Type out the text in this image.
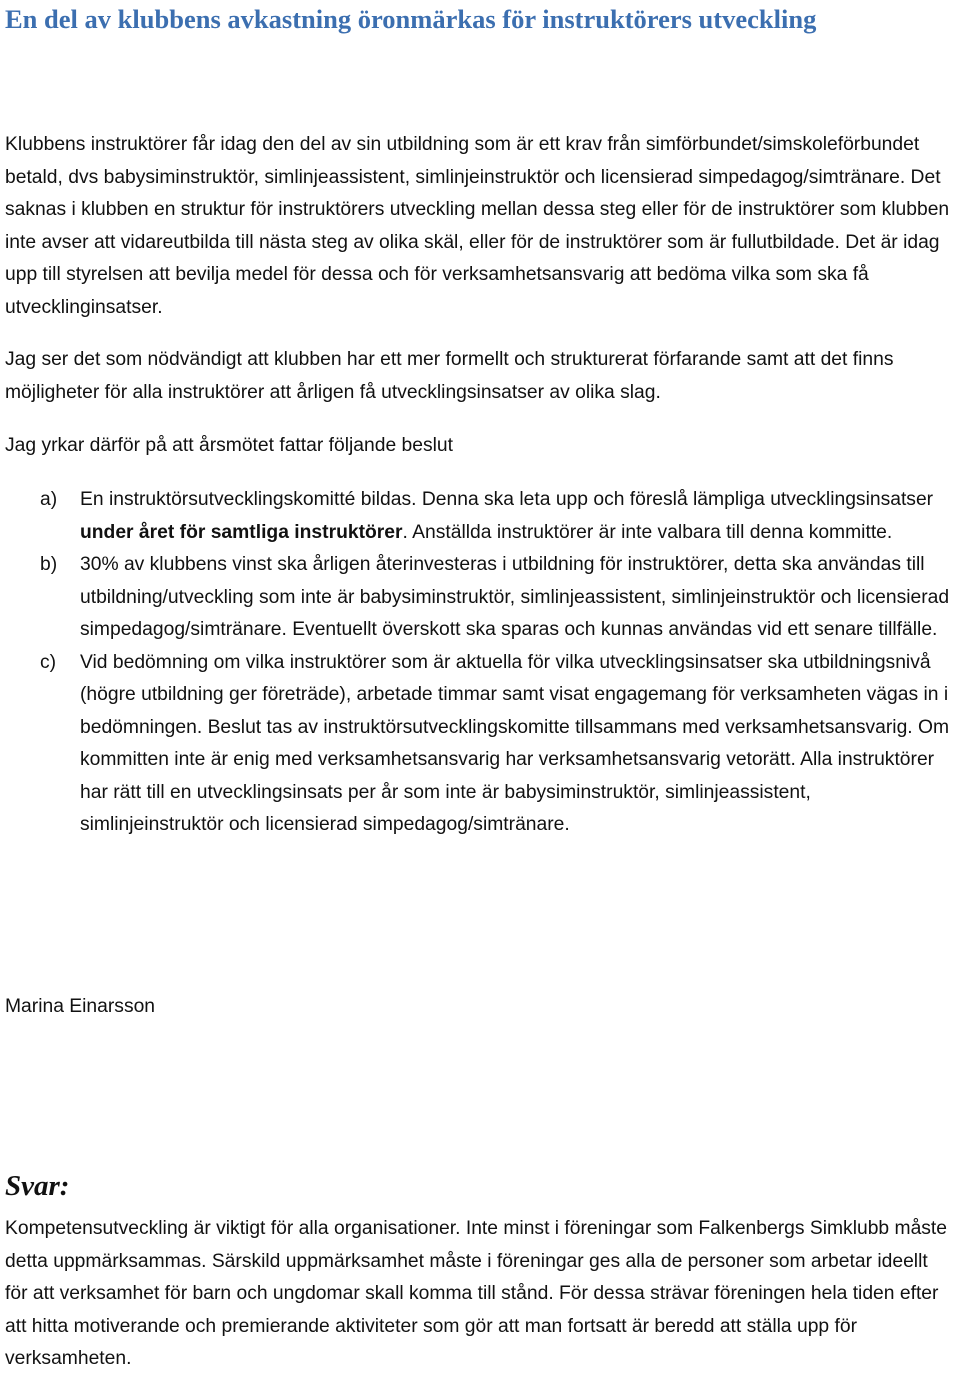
En del av klubbens avkastning öronmärkas för instruktörers utveckling

Klubbens instruktörer får idag den del av sin utbildning som är ett krav från simförbundet/simskoleförbundet betald, dvs babysiminstruktör, simlinjeassistent, simlinjeinstruktör och licensierad simpedagog/simtränare. Det saknas i klubben en struktur för instruktörers utveckling mellan dessa steg eller för de instruktörer som klubben inte avser att vidareutbilda till nästa steg av olika skäl, eller för de instruktörer som är fullutbildade. Det är idag upp till styrelsen att bevilja medel för dessa och för verksamhetsansvarig att bedöma vilka som ska få utvecklinginsatser.

Jag ser det som nödvändigt att klubben har ett mer formellt och strukturerat förfarande samt att det finns möjligheter för alla instruktörer att årligen få utvecklingsinsatser av olika slag.

Jag yrkar därför på att årsmötet fattar följande beslut

a) En instruktörsutvecklingskomitté bildas. Denna ska leta upp och föreslå lämpliga utvecklingsinsatser under året för samtliga instruktörer. Anställda instruktörer är inte valbara till denna kommitte.
b) 30% av klubbens vinst ska årligen återinvesteras i utbildning för instruktörer, detta ska användas till utbildning/utveckling som inte är babysiminstruktör, simlinjeassistent, simlinjeinstruktör och licensierad simpedagog/simtränare. Eventuellt överskott ska sparas och kunnas användas vid ett senare tillfälle.
c) Vid bedömning om vilka instruktörer som är aktuella för vilka utvecklingsinsatser ska utbildningsnivå (högre utbildning ger företräde), arbetade timmar samt visat engagemang för verksamheten vägas in i bedömningen. Beslut tas av instruktörsutvecklingskomitte tillsammans med verksamhetsansvarig. Om kommitten inte är enig med verksamhetsansvarig har verksamhetsansvarig vetorätt. Alla instruktörer har rätt till en utvecklingsinsats per år som inte är babysiminstruktör, simlinjeassistent, simlinjeinstruktör och licensierad simpedagog/simtränare.

Marina Einarsson

Svar:

Kompetensutveckling är viktigt för alla organisationer. Inte minst i föreningar som Falkenbergs Simklubb måste detta uppmärksammas. Särskild uppmärksamhet måste i föreningar ges alla de personer som arbetar ideellt för att verksamhet för barn och ungdomar skall komma till stånd. För dessa strävar föreningen hela tiden efter att hitta motiverande och premierande aktiviteter som gör att man fortsatt är beredd att ställa upp för verksamheten.
